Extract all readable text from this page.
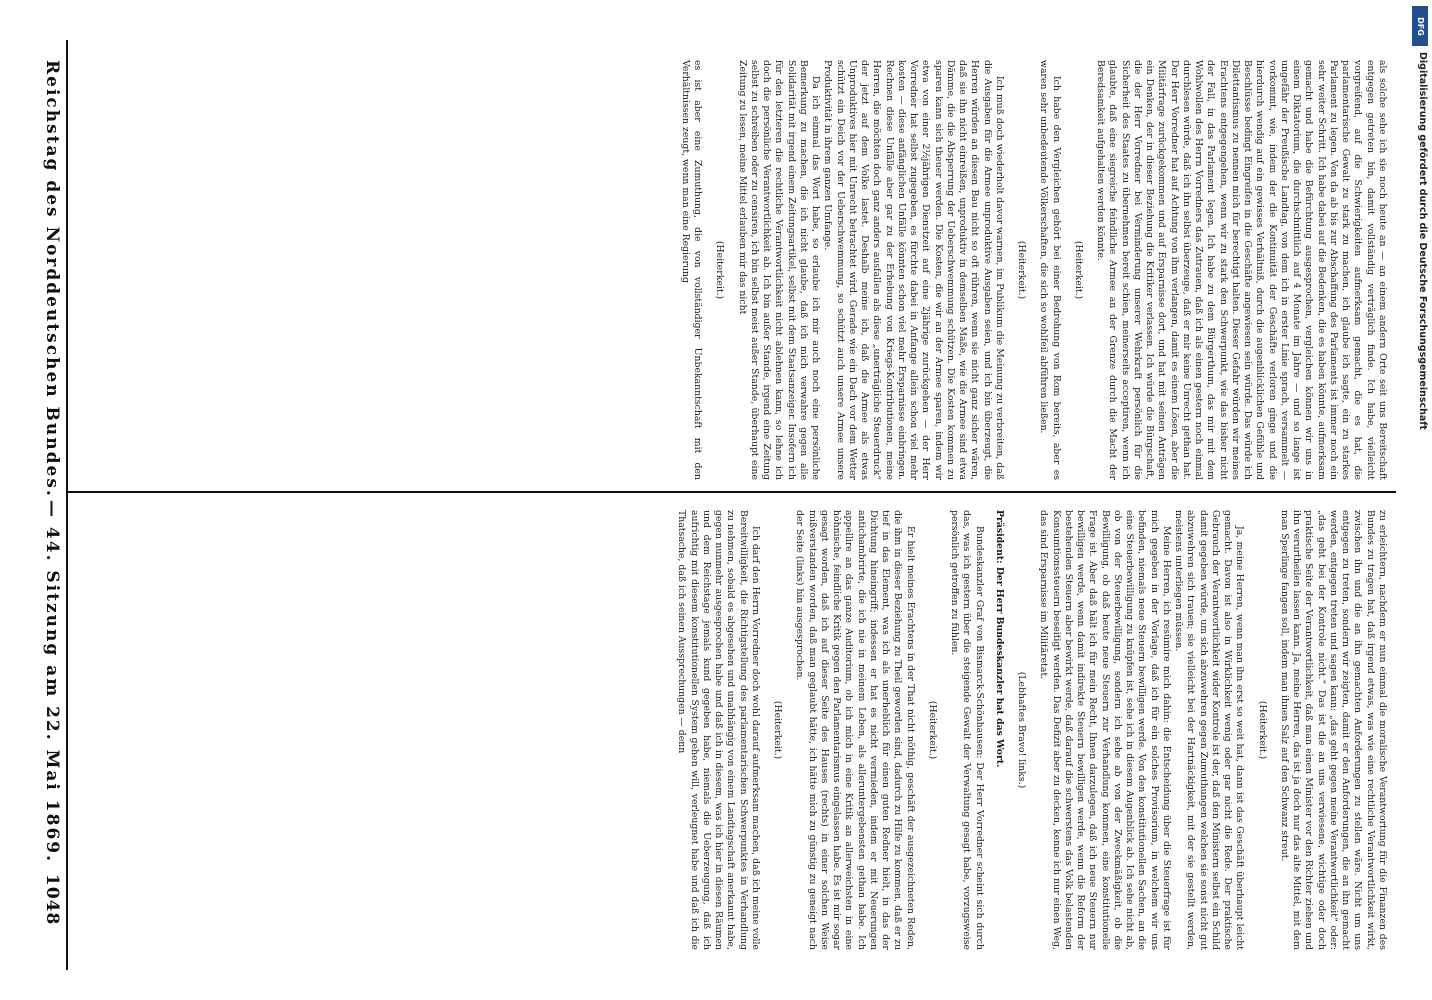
1048
Reichstag des Norddeutschen Bundes.
— 44. Sitzung am 22. Mai 1869.	zu erleichtern, nachdem er nun einmal die moralische Verantwortung für die Finanzen des Bundes zu tragen hat, daß irgend etwas, was wie eine rechtliche Verantwortlichkeit wirkt, zwischen ihn und die an ihn gemachten Anforderungen zu stellen wäre. Nicht um uns entgegen zu treten, sondern wir zeigten, damit er den Anforderungen, die an ihn gemacht werden, entgegen treten und sagen kann: „das geht gegen meine Verantwortlichkeit“ oder: „das geht bei der Kontrole nicht.“ Das ist die an uns verwiesene, wichtige oder doch praktische Seite der Verantwortlichkeit, daß man einen Minister vor den Richter ziehen und ihn verurtheilen lassen kann. Ja, meine Herren, das ist ja doch nur das alte Mittel, mit dem man Sperlinge fangen soll, indem man ihnen Salz auf den Schwanz streut.

(Heiterkeit.)

Ja, meine Herren, wenn man ihn erst so weit hat, dann ist das Geschäft überhaupt leicht gemacht. Davon ist also in Wirklichkeit wenig oder gar nicht die Rede. Der praktische Gebrauch der Verantwortlichkeit wider Kontrole ist der, daß den Ministern selbst ein Schild damit gegeben würde, um sich abzuwehren gegen Zumuthungen welchen sie sonst nicht gut abzuwehren sich trauen; sie vielleicht bei der Hartnäckigkeit, mit der sie gestellt werden, meistens unterliegen müssen.

Meine Herren, ich resümire mich dahin: die Entscheidung über die Steuerfrage ist für mich gegeben in der Vorlage, daß ich für ein solches Provisorium, in welchem wir uns befinden, niemals neue Steuern bewilligen werde. Von den konstitutionellen Sachen, an die eine Steuerbewilligung zu knüpfen ist, sehe ich in diesem Augenblick ab. Ich sehe nicht ab, ob von der Steuerbewilligung, sondern ich sehe ab von der Zweckmäßigkeit, ob die Bewilligung, ob daß heute neue Steuern zur Verhandlung kommen, eine konstitutionelle Frage ist. Aber daß hält ich für mein Recht, Ihnen darzulegen, daß ich neue Steuern nur bewilligen werde, wenn damit indirekte Steuern bewilligen werde, wenn die Reform der bestehenden Steuern aber bewirkt werde, daß darauf die schwerstens das Volk belastenden Konsumtionssteuern beseitigt werden. Das Defizit aber zu decken, kenne ich nur einen Weg, das sind Ersparnisse im Militäretat.

(Lebhaftes Bravo! links.)

Präsident: Der Herr Bundeskanzler hat das Wort.

Bundeskanzler Graf von Bismarck-Schönhausen: Der Herr Vorredner scheint sich durch das, was ich gestern über die steigende Gewalt der Verwaltung gesagt habe, vorzugsweise persönlich getroffen zu fühlen.

(Heiterkeit.)

Er hielt meines Erachtens in der That nicht nöthig, geschäft der ausgezeichneten Reden, die ihm in dieser Beziehung zu Theil geworden sind, dadurch zu Hilfe zu kommen, daß er zu tief in das Element, was ich als unerheblich für einen guten Redner hielt, in das der Dichtung hineingriff; indessen er hat es nicht vermieden, indem er mit Neuerungen antichambrirte, die ich nie in meinem Leben, als alleruntergebensten gethan habe. Ich appellire an das ganze Auditorium, ob ich mich in eine Kritik an allerweichsten in eine höhnische, feindliche Kritik gegen den Parlamentarismus eingelassen habe. Es ist mir sogar gesagt worden, daß ich auf dieser Seite des Hauses (rechts) in einer solchen Weise mißverstanden worden, daß man geglaubt hätte, ich hätte mich zu günstig zu geneigt nach der Seite (links) hin ausgesprochen.

(Heiterkeit.)

Ich darf den Herrn Vorredner doch wohl darauf aufmerksam machen, daß ich meine volle Bereitwilligkeit, die Richtigstellung des parlamentarischen Schwerpunktes in Verhandlung zu nehmen, sobald es abgesehen und unabhängig von einem Landtagschaft anerkannt habe, gegen nunmehr ausgesprochen habe und daß ich in diesem, was ich hier in diesen Räumen und dem Reichstage jemals kund gegeben habe, niemals die Ueberzeugung, daß ich aufrichtig mit diesem konstitutionellen System gehen will, verleugnet habe und daß ich die Thatsache, daß ich seinen Aussprechungen — denn

als solche sehe ich sie noch heute an — an einem andern Orte seit uns Bereitschaft entgegen getreten bin, damit vollständig verträglich finde. Ich habe, vielleicht vorgreifend, auf die Schwierigkeiten aufmerksam gemacht, die es hat, die parlamentarische Gewalt zu stark zu machen, ich glaube ich sagte, ein zu starkes Parlament zu legen. Von da ab bis zur Abschaffung des Parlaments ist immer noch ein sehr weiter Schritt. Ich habe dabei auf die Bedenken, die es haben könnte, aufmerksam gemacht und habe die Befürchtung ausgesprochen, vergleichen können wir uns in einem Diktatorium, die durchschnittlich auf 4 Monate im Jahre — und so lange ist ungefähr der Preußische Landtag, von dem ich in erster Linie sprach, versammelt — vorkommt, wie, indem der die Kontinuität der Geschäfte verloren ginge und die hierdurch wendig auf ein gewisses Verhältniß, durch die augenblicklichen Gefühle und Beschlüsse bedingt Eingreifen in die Geschäfte angewiesen sein würde. Das würde ich Dilettantismus zu nennen mich für berechtigt halten. Dieser Gefahr würden wir meines Erachtens entgegengehen, wenn wir zu stark den Schwerpunkt, wie das bisher nicht der Fall, in das Parlament legen. Ich habe zu dem Bürgerthum, das mir mit dem Wohlwollen des Herrn Vorredners das Zutrauen, daß ich als einen gestern noch einmal durchlesen würde, daß ich ihn selbst überzeuge, daß er mir keine Unrecht gethan hat. Der Herr Vorredner hat auf Achtung von ihm verlangen, damit es einem Lösen, aber die Militärfrage zurückgekommen und auf Ersparnisse dort, und hat mit seinen Anträgen ein Denken, der in dieser Beziehung die Kritiker verlassen. Ich würde die Bürgschaft, die der Herr Vorredner bei Verminderung unserer Wehrkraft persönlich für die Sicherheit des Staates zu übernehmen bereit schien, meinerseits acceptiren, wenn ich glaubte, daß eine siegreiche feindliche Armee an der Grenze durch die Macht der Beredsamkeit aufgehalten werden könnte.

(Heiterkeit.)

Ich habe den Vergleichen gehört bei einer Bedrohung von Rom bereits, aber es waren sehr unbedeutende Völkerschaften, die sich so wohlfeil abführen ließen.

(Heiterkeit.)

Ich muß doch wiederholt davor warnen, im Publikum die Meinung zu verbreiten, daß die Ausgaben für die Armee unproduktive Ausgaben seien, und ich bin überzeugt, die Herren würden an diesen Bau nicht so oft rühren, wenn sie nicht ganz sicher wären, daß sie ihn nicht einreißen, unproduktiv in demselben Maße, wie die Armee sind etwa Dämme, die die Absperrung der Ueberschwemmung schützen. Die Kosten kommen zu sparen kann sich theuer werden. Die Kosten, die wir an der Armee sparen, indem wir etwa von einer 2½jährigen Dienstzeit auf eine 2jährige zurückgehen — der Herr Vorredner hat selbst zugegeben, es fürchte dabei in Anfange allein schon viel mehr kosten — diese anfänglichen Unfälle könnten schon viel mehr Ersparnisse einbringen. Rechnen diese Unfälle aber gar zu der Erhebung von Kriegs-Kontributionen, meine Herren, die möchten doch ganz anders ausfallen als diese „unerträgliche Steuerdruck“ der jetzt auf dem Volke lastet. Deshalb meine ich, daß die Armee als etwas Unproduktives hier mit Unrecht betrachtet wird. Gerade wie ein Dach vor dem Wetter schützt ein Deich vor der Ueberschwemmung, so schützt auch unsere Armee unsere Produktivität in ihrem ganzen Umfange.

Da ich einmal das Wort habe, so erlaube ich mir auch noch eine persönliche Bemerkung zu machen, die ich nicht glaube, daß ich mich verwahre gegen alle Solidarität mit irgend einem Zeitungsartikel, selbst mit dem Staatsanzeiger. Insofern ich für den letzteren die rechtliche Verantwortlichkeit nicht ablehnen kann, so lehne ich doch die persönliche Verantwortlichkeit ab. Ich bin außer Stande, irgend eine Zeitung selbst zu schreiben oder zu censiren, ich bin selbst meist außer Stande, überhaupt eine Zeitung zu lesen, meine Mittel erlauben mir das nicht

(Heiterkeit.)

es ist aber eine Zumuthung, die von vollständiger Unbekanntschaft mit den Verhältnissen zeugt, wenn man eine Regierung	Digitalisierung gefördert durch die Deutsche Forschungsgemeinschaft
DFG
